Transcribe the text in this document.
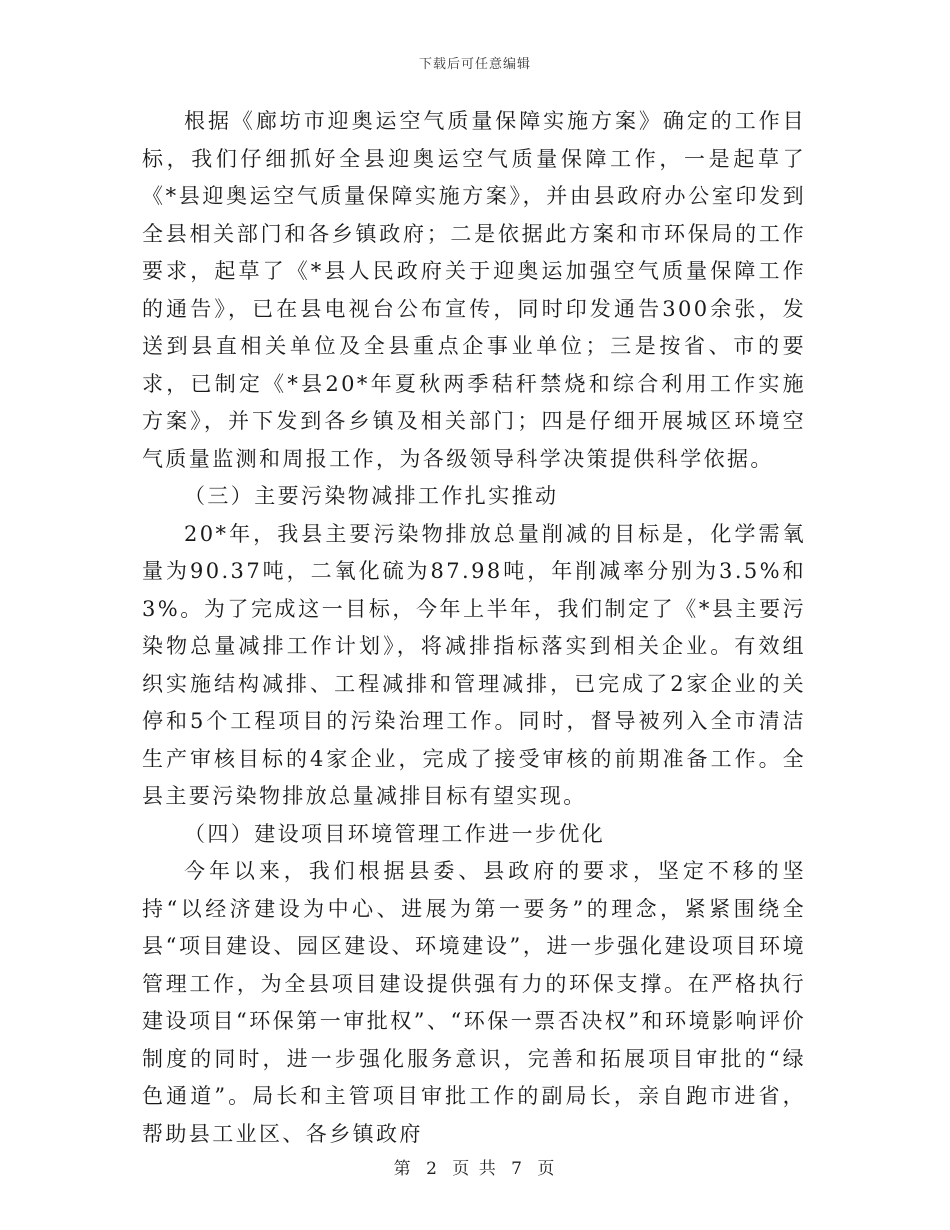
下载后可任意编辑

根据《廊坊市迎奥运空气质量保障实施方案》确定的工作目标，我们仔细抓好全县迎奥运空气质量保障工作，一是起草了《*县迎奥运空气质量保障实施方案》，并由县政府办公室印发到全县相关部门和各乡镇政府；二是依据此方案和市环保局的工作要求，起草了《*县人民政府关于迎奥运加强空气质量保障工作的通告》，已在县电视台公布宣传，同时印发通告300余张，发送到县直相关单位及全县重点企事业单位；三是按省、市的要求，已制定《*县20*年夏秋两季秸秆禁烧和综合利用工作实施方案》，并下发到各乡镇及相关部门；四是仔细开展城区环境空气质量监测和周报工作，为各级领导科学决策提供科学依据。

（三）主要污染物减排工作扎实推动

20*年，我县主要污染物排放总量削减的目标是，化学需氧量为90.37吨，二氧化硫为87.98吨，年削减率分别为3.5%和3%。为了完成这一目标，今年上半年，我们制定了《*县主要污染物总量减排工作计划》，将减排指标落实到相关企业。有效组织实施结构减排、工程减排和管理减排，已完成了2家企业的关停和5个工程项目的污染治理工作。同时，督导被列入全市清洁生产审核目标的4家企业，完成了接受审核的前期准备工作。全县主要污染物排放总量减排目标有望实现。

（四）建设项目环境管理工作进一步优化

今年以来，我们根据县委、县政府的要求，坚定不移的坚持“以经济建设为中心、进展为第一要务”的理念，紧紧围绕全县“项目建设、园区建设、环境建设”，进一步强化建设项目环境管理工作，为全县项目建设提供强有力的环保支撑。在严格执行建设项目“环保第一审批权”、“环保一票否决权”和环境影响评价制度的同时，进一步强化服务意识，完善和拓展项目审批的“绿色通道”。局长和主管项目审批工作的副局长，亲自跑市进省，帮助县工业区、各乡镇政府

第 2 页 共 7 页
